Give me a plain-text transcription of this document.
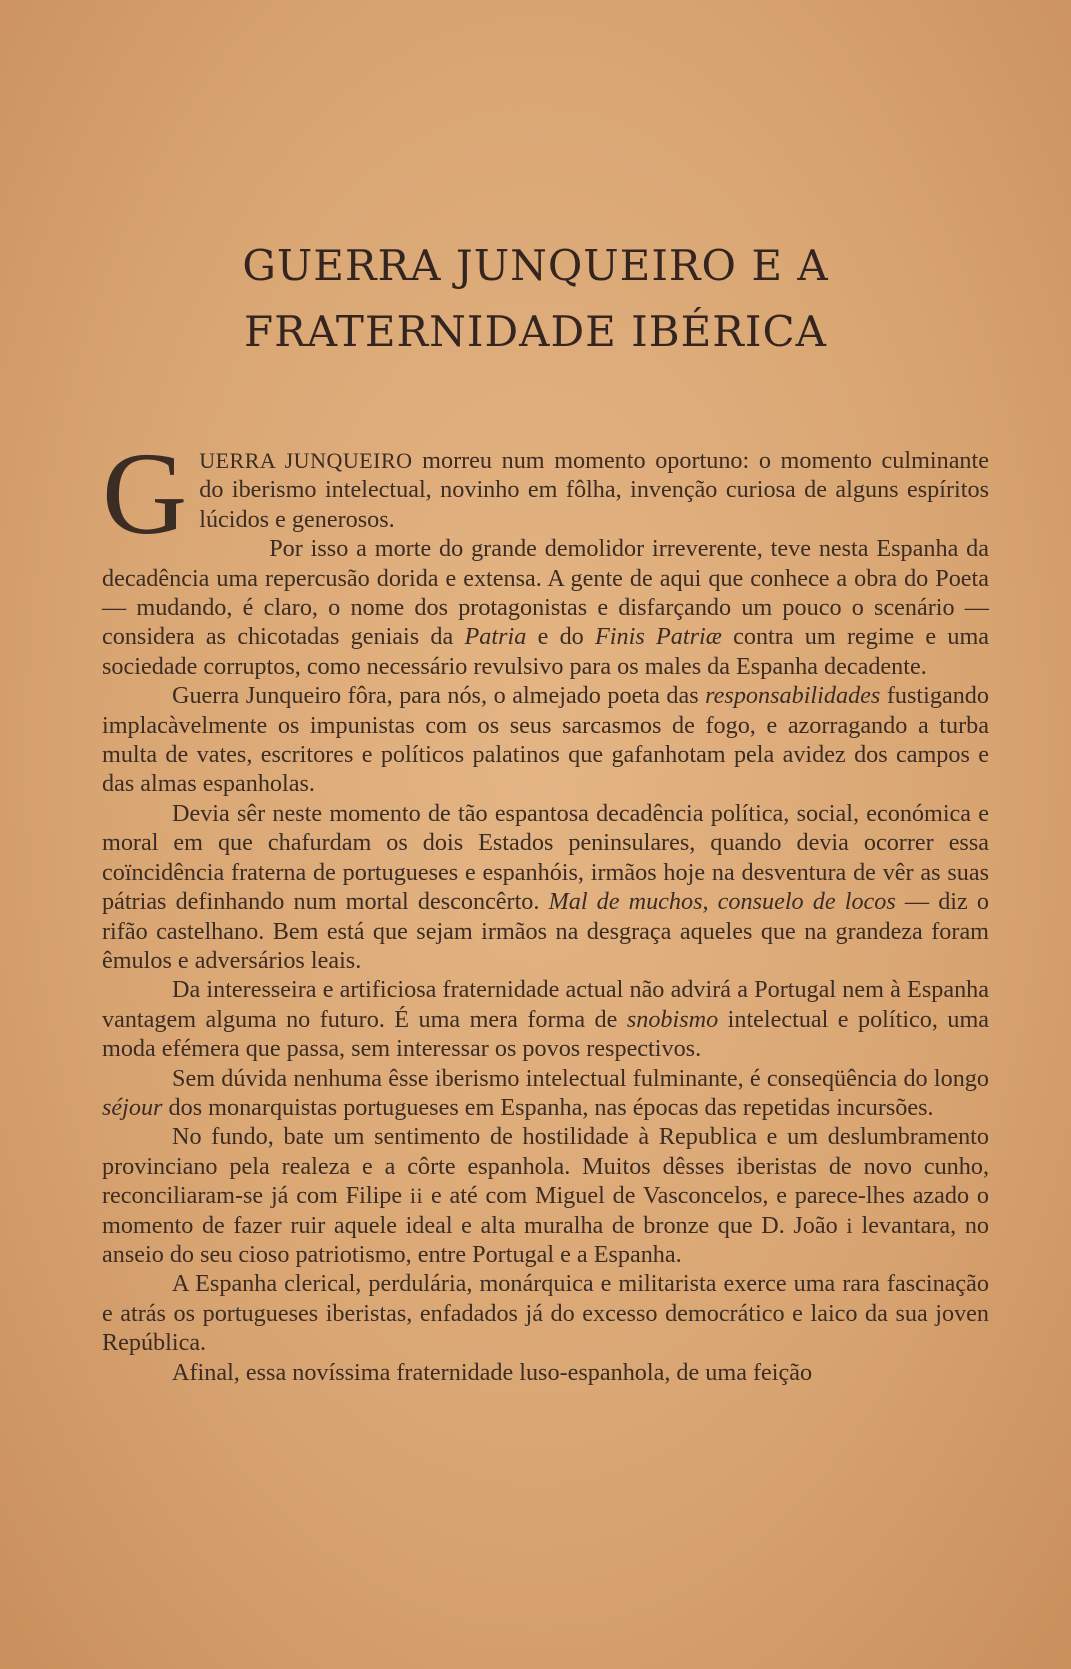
GUERRA JUNQUEIRO E A
FRATERNIDADE IBÉRICA

GUERRA JUNQUEIRO morreu num momento oportuno: o momento culminante do iberismo intelectual, novinho em fôlha, invenção curiosa de alguns espíritos lúcidos e generosos.

Por isso a morte do grande demolidor irreverente, teve nesta Espanha da decadência uma repercusão dorida e extensa. A gente de aqui que conhece a obra do Poeta — mudando, é claro, o nome dos protagonistas e disfarçando um pouco o scenário — considera as chicotadas geniais da Patria e do Finis Patriæ contra um regime e uma sociedade corruptos, como necessário revulsivo para os males da Espanha decadente.

Guerra Junqueiro fôra, para nós, o almejado poeta das responsabilidades fustigando implacàvelmente os impunistas com os seus sarcasmos de fogo, e azorragando a turba multa de vates, escritores e políticos palatinos que gafanhotam pela avidez dos campos e das almas espanholas.

Devia sêr neste momento de tão espantosa decadência política, social, económica e moral em que chafurdam os dois Estados peninsulares, quando devia ocorrer essa coïncidência fraterna de portugueses e espanhóis, irmãos hoje na desventura de vêr as suas pátrias definhando num mortal desconcêrto. Mal de muchos, consuelo de locos — diz o rifão castelhano. Bem está que sejam irmãos na desgraça aqueles que na grandeza foram êmulos e adversários leais.

Da interesseira e artificiosa fraternidade actual não advirá a Portugal nem à Espanha vantagem alguma no futuro. É uma mera forma de snobismo intelectual e político, uma moda efémera que passa, sem interessar os povos respectivos.

Sem dúvida nenhuma êsse iberismo intelectual fulminante, é conseqüência do longo séjour dos monarquistas portugueses em Espanha, nas épocas das repetidas incursões.

No fundo, bate um sentimento de hostilidade à Republica e um deslumbramento provinciano pela realeza e a côrte espanhola. Muitos dêsses iberistas de novo cunho, reconciliaram-se já com Filipe ii e até com Miguel de Vasconcelos, e parece-lhes azado o momento de fazer ruir aquele ideal e alta muralha de bronze que D. João i levantara, no anseio do seu cioso patriotismo, entre Portugal e a Espanha.

A Espanha clerical, perdulária, monárquica e militarista exerce uma rara fascinação e atrás os portugueses iberistas, enfadados já do excesso democrático e laico da sua joven República.

Afinal, essa novíssima fraternidade luso-espanhola, de uma feição
